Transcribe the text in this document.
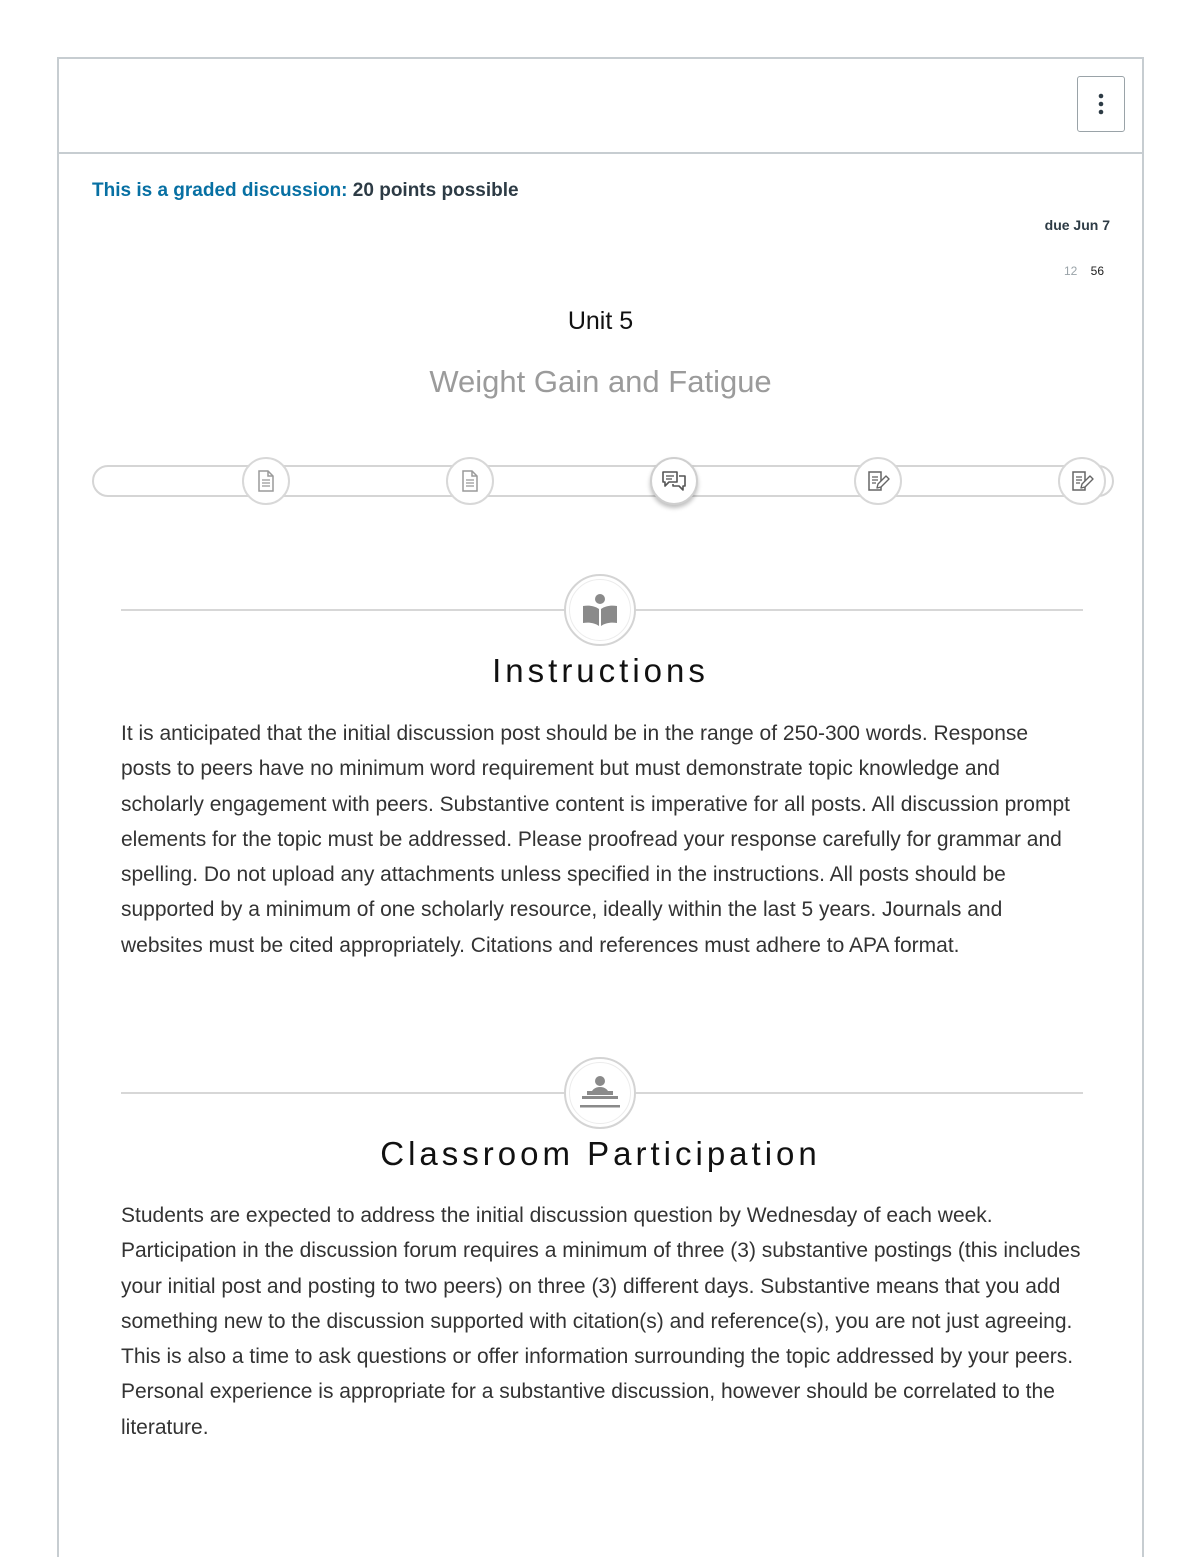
This is a graded discussion: 20 points possible
due Jun 7
12 56
Unit 5
Weight Gain and Fatigue
Instructions
It is anticipated that the initial discussion post should be in the range of 250-300 words. Response posts to peers have no minimum word requirement but must demonstrate topic knowledge and scholarly engagement with peers. Substantive content is imperative for all posts. All discussion prompt elements for the topic must be addressed. Please proofread your response carefully for grammar and spelling. Do not upload any attachments unless specified in the instructions. All posts should be supported by a minimum of one scholarly resource, ideally within the last 5 years. Journals and websites must be cited appropriately. Citations and references must adhere to APA format.
Classroom Participation
Students are expected to address the initial discussion question by Wednesday of each week. Participation in the discussion forum requires a minimum of three (3) substantive postings (this includes your initial post and posting to two peers) on three (3) different days. Substantive means that you add something new to the discussion supported with citation(s) and reference(s), you are not just agreeing. This is also a time to ask questions or offer information surrounding the topic addressed by your peers. Personal experience is appropriate for a substantive discussion, however should be correlated to the literature.
